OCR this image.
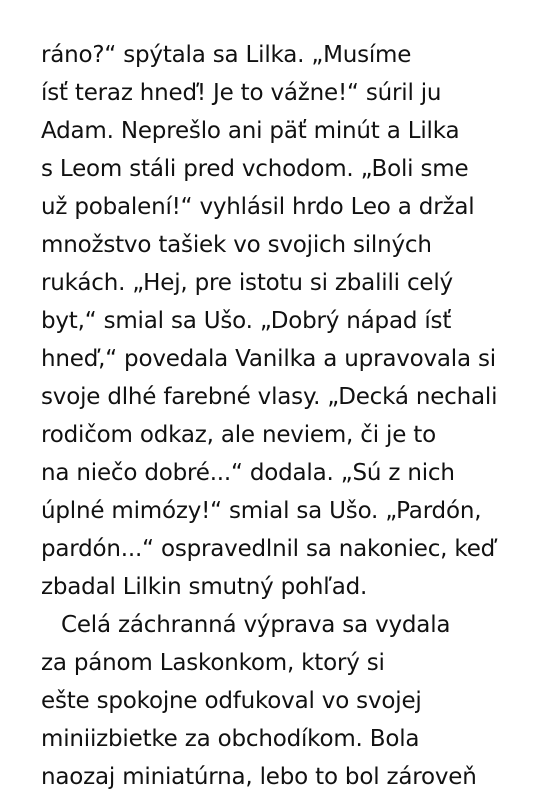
ráno?“ spýtala sa Lilka. „Musíme
ísť teraz hneď! Je to vážne!“ súril ju
Adam. Neprešlo ani päť minút a Lilka
s Leom stáli pred vchodom. „Boli sme
už pobalení!“ vyhlásil hrdo Leo a držal
množstvo tašiek vo svojich silných
rukách. „Hej, pre istotu si zbalili celý
byt,“ smial sa Ušo. „Dobrý nápad ísť
hneď,“ povedala Vanilka a upravovala si
svoje dlhé farebné vlasy. „Decká nechali
rodičom odkaz, ale neviem, či je to
na niečo dobré...“ dodala. „Sú z nich
úplné mimózy!“ smial sa Ušo. „Pardón,
pardón...“ ospravedlnil sa nakoniec, keď
zbadal Lilkin smutný pohľad.
Celá záchranná výprava sa vydala
za pánom Laskonkom, ktorý si
ešte spokojne odfukoval vo svojej
miniizbietke za obchodíkom. Bola
naozaj miniatúrna, lebo to bol zároveň
